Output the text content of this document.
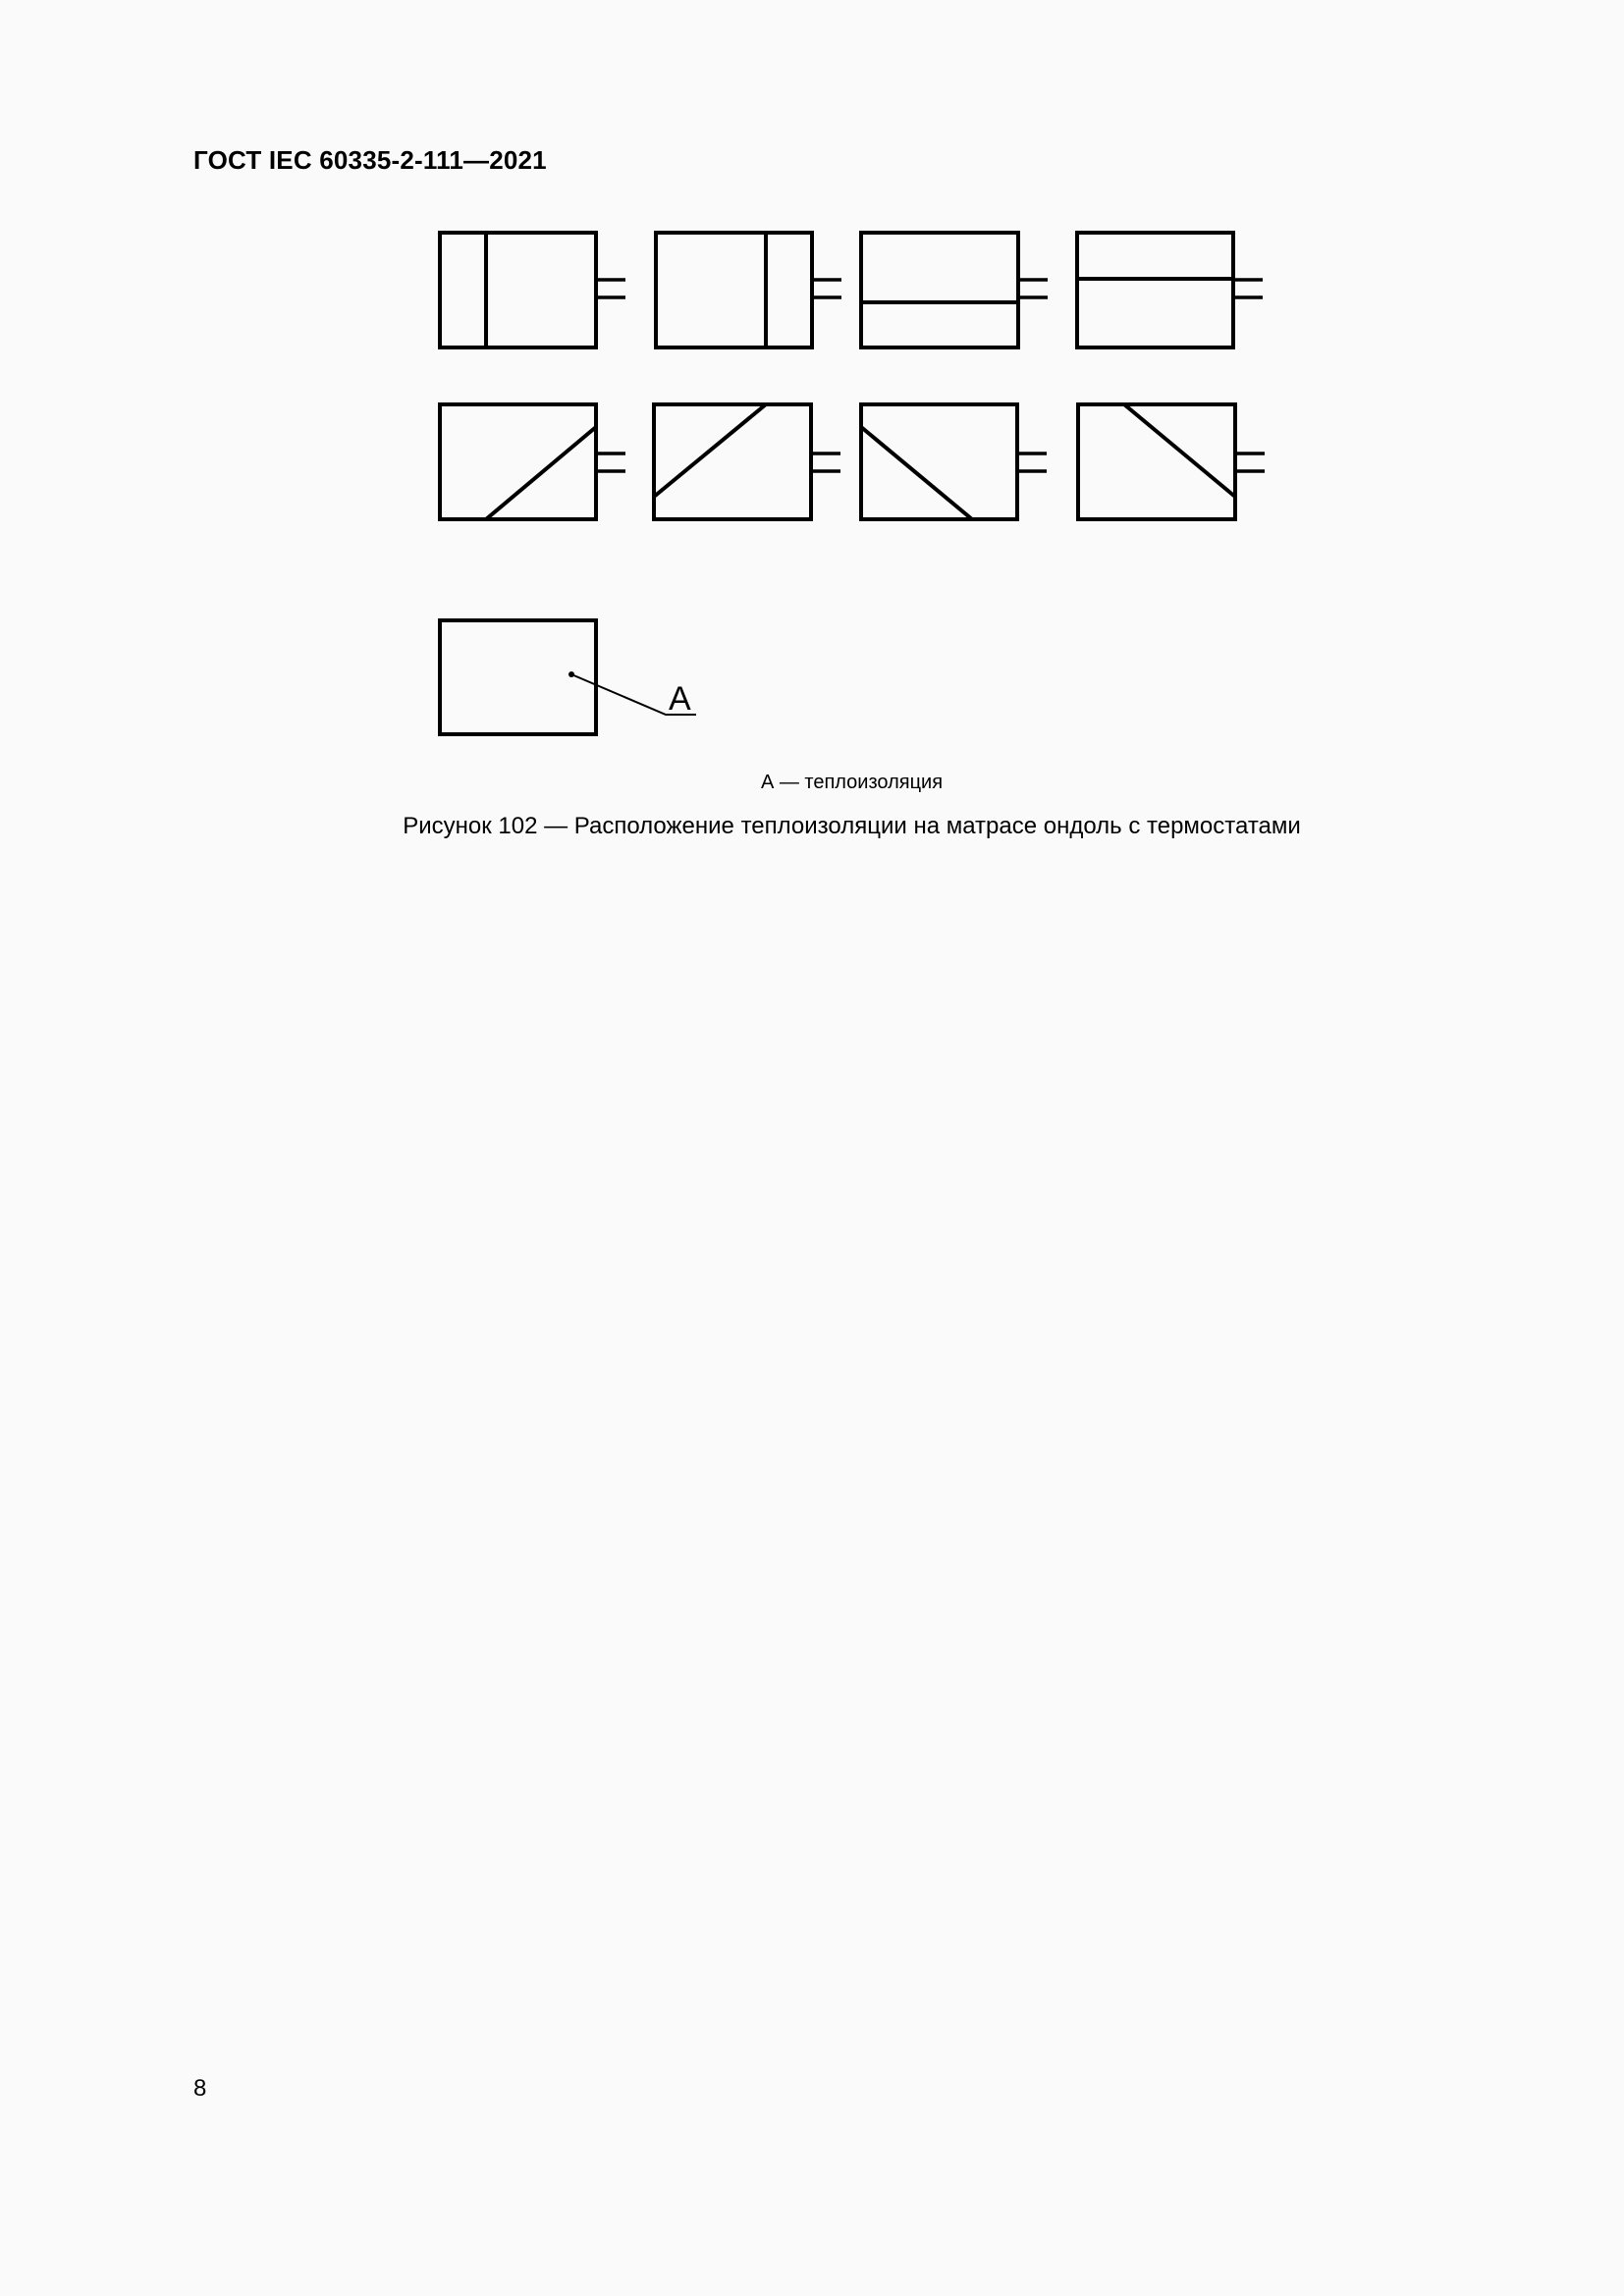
ГОСТ IEC 60335-2-111—2021
A
А — теплоизоляция
Рисунок 102 — Расположение теплоизоляции на матрасе ондоль с термостатами
8
